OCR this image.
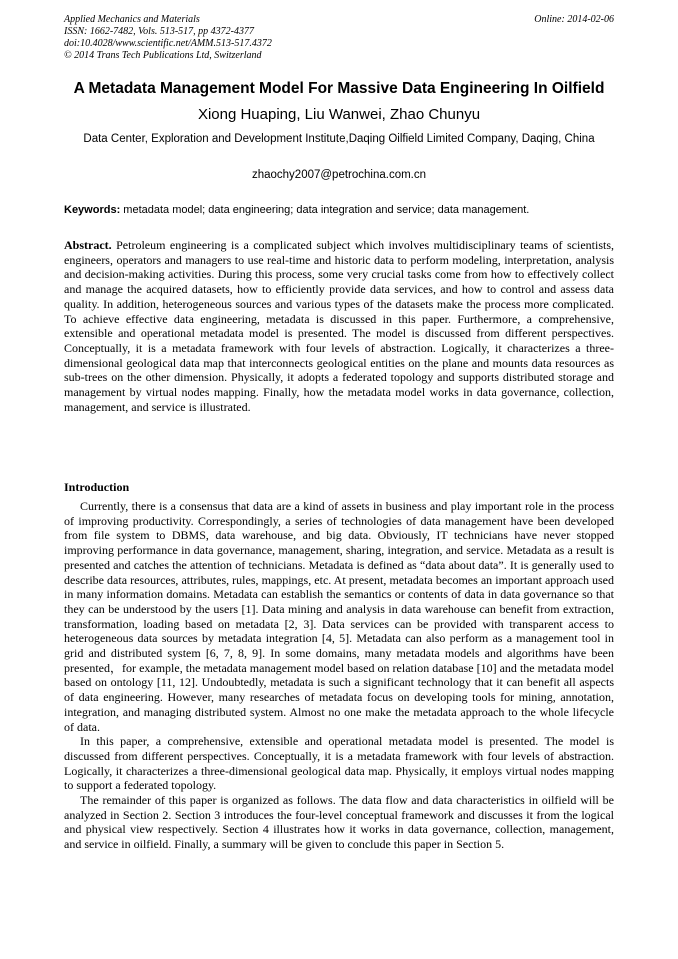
Applied Mechanics and Materials
ISSN: 1662-7482, Vols. 513-517, pp 4372-4377
doi:10.4028/www.scientific.net/AMM.513-517.4372
© 2014 Trans Tech Publications Ltd, Switzerland
Online: 2014-02-06
A Metadata Management Model For Massive Data Engineering In Oilfield
Xiong Huaping, Liu Wanwei, Zhao Chunyu
Data Center, Exploration and Development Institute,Daqing Oilfield Limited Company, Daqing, China
zhaochy2007@petrochina.com.cn
Keywords: metadata model; data engineering; data integration and service; data management.

Abstract. Petroleum engineering is a complicated subject which involves multidisciplinary teams of scientists, engineers, operators and managers to use real-time and historic data to perform modeling, interpretation, analysis and decision-making activities. During this process, some very crucial tasks come from how to effectively collect and manage the acquired datasets, how to efficiently provide data services, and how to control and assess data quality. In addition, heterogeneous sources and various types of the datasets make the process more complicated. To achieve effective data engineering, metadata is discussed in this paper. Furthermore, a comprehensive, extensible and operational metadata model is presented. The model is discussed from different perspectives. Conceptually, it is a metadata framework with four levels of abstraction. Logically, it characterizes a three-dimensional geological data map that interconnects geological entities on the plane and mounts data resources as sub-trees on the other dimension. Physically, it adopts a federated topology and supports distributed storage and management by virtual nodes mapping. Finally, how the metadata model works in data governance, collection, management, and service is illustrated.

Introduction

Currently, there is a consensus that data are a kind of assets in business and play important role in the process of improving productivity. Correspondingly, a series of technologies of data management have been developed from file system to DBMS, data warehouse, and big data. Obviously, IT technicians have never stopped improving performance in data governance, management, sharing, integration, and service. Metadata as a result is presented and catches the attention of technicians. Metadata is defined as “data about data”. It is generally used to describe data resources, attributes, rules, mappings, etc. At present, metadata becomes an important approach used in many information domains. Metadata can establish the semantics or contents of data in data governance so that they can be understood by the users [1]. Data mining and analysis in data warehouse can benefit from extraction, transformation, loading based on metadata [2, 3]. Data services can be provided with transparent access to heterogeneous data sources by metadata integration [4, 5]. Metadata can also perform as a management tool in grid and distributed system [6, 7, 8, 9]. In some domains, many metadata models and algorithms have been presented，for example, the metadata management model based on relation database [10] and the metadata model based on ontology [11, 12]. Undoubtedly, metadata is such a significant technology that it can benefit all aspects of data engineering. However, many researches of metadata focus on developing tools for mining, annotation, integration, and managing distributed system. Almost no one make the metadata approach to the whole lifecycle of data.

In this paper, a comprehensive, extensible and operational metadata model is presented. The model is discussed from different perspectives. Conceptually, it is a metadata framework with four levels of abstraction. Logically, it characterizes a three-dimensional geological data map. Physically, it employs virtual nodes mapping to support a federated topology.

The remainder of this paper is organized as follows. The data flow and data characteristics in oilfield will be analyzed in Section 2. Section 3 introduces the four-level conceptual framework and discusses it from the logical and physical view respectively. Section 4 illustrates how it works in data governance, collection, management, and service in oilfield. Finally, a summary will be given to conclude this paper in Section 5.
